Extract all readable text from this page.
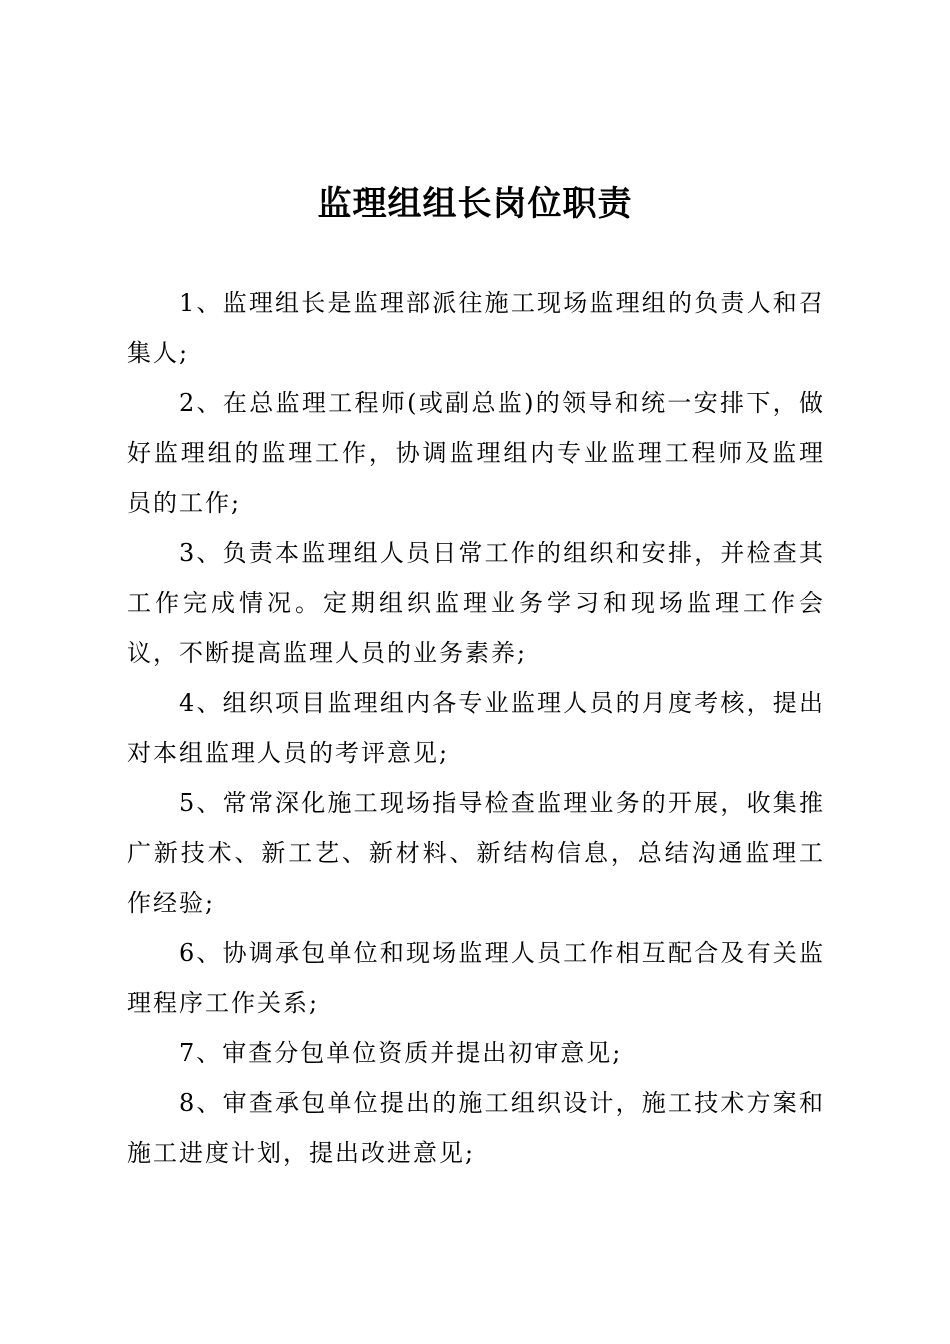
监理组组长岗位职责

1、监理组长是监理部派往施工现场监理组的负责人和召集人;

2、在总监理工程师(或副总监)的领导和统一安排下，做好监理组的监理工作，协调监理组内专业监理工程师及监理员的工作;

3、负责本监理组人员日常工作的组织和安排，并检查其工作完成情况。定期组织监理业务学习和现场监理工作会议，不断提高监理人员的业务素养;

4、组织项目监理组内各专业监理人员的月度考核，提出对本组监理人员的考评意见;

5、常常深化施工现场指导检查监理业务的开展，收集推广新技术、新工艺、新材料、新结构信息，总结沟通监理工作经验;

6、协调承包单位和现场监理人员工作相互配合及有关监理程序工作关系;

7、审查分包单位资质并提出初审意见;

8、审查承包单位提出的施工组织设计，施工技术方案和施工进度计划，提出改进意见;
